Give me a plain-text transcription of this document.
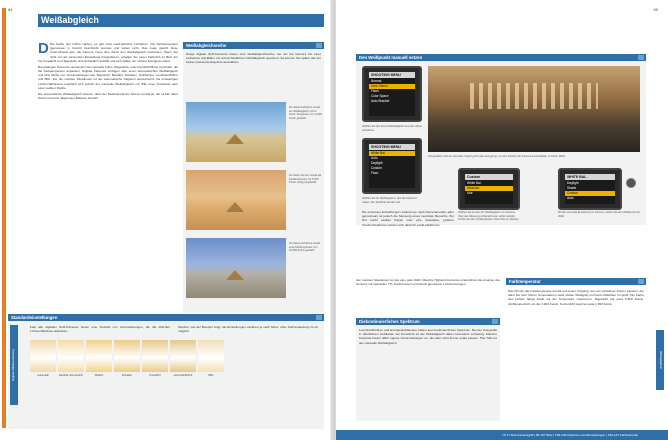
84
Weißabgleich

D Die Farbe des Lichts variiert, es gibt zwei weiß-ähnliche Lichtarten. Die Farbtemperatur (gemessen in Kelvin) beschreibt warmes und kaltes Licht. Das Auge gleicht diese Unterschiede aus, die Kamera muss dies durch den Weißabgleich nachholen. Wenn Sie nicht mit der passenden Einstellung fotografieren, erhalten Sie einen Farbstich im Bild, der bei Kunstlicht und Tageslicht unterschiedlich ausfällt und sich später nur schwer korrigieren lässt.

Bei analogen Kameras verwendet man spezielle Filme (Tageslicht- oder Kunstlichtfilme) und Filter, die die Farbtemperatur anpassen. Digitale Kameras verfügen über einen automatischen Weißabgleich und eine Reihe von Voreinstellungen wie Tageslicht, Bewölkt, Schatten, Glühlampe, Leuchtstoffröhre und Blitz. Für die meisten Situationen ist der automatische Abgleich ausreichend; bei schwierigen Lichtverhältnissen empfiehlt sich jedoch der manuelle Weißabgleich mit Hilfe einer Graukarte oder einer weißen Fläche.

Die automatische Weißabgleich erkennt, dass der Rasterpunkt der Szene neutral ist, die Lichter dient Kelvin und eine allgemeine Balance bestellt.

Weißabgleichsreihe
Einige digitale SLR-Kameras bieten eine Weißabgleichsreihe, bei der die Kamera bei einer Aufnahme drei Bilder mit unterschiedlichem Weißabgleich speichert. So können Sie später das am besten passende Ergebnis auswählen.
Für diese Aufnahme wurde ein Weißabgleich mit zu hoher Temperatur von 3.200 Kelvin gewählt.
Für diese Version wurde die Farbtemperatur mit 5.500 Kelvin richtig eingestellt.
Für diese Aufnahme wurde eine Farbtemperatur von 10.000 Kelvin gewählt.
Standardeinstellungen
Fast alle digitalen SLR-Kameras bieten eine Vielzahl von Voreinstellungen, die die üblichen Lichtverhältnisse abdecken.
Werden, wie der Beispiel zeigt, die Einstellungen variieren je nach Motiv, ohne Farbanpassung ist oft möglich.
Automatik	Direktes Sonnenlicht	Wolken	Schatten	Kunstlicht	Leuchtstoffröhre	Blitz
Digitale Bildbearbeitung
85
Den Weißpunkt manuell setzen
SHOOTING MENU
Normal
Dark Select
Flash
Color Space
Auto Bracket
Wählen Sie den Punkt Weißabgleich aus dem Menü Aufnahme.
Fotografieren Sie ein neutrales Objekt groß oder weit genug, um den Farbton der Kamera auszuwählen, in Kelvin Weiß.
SHOOTING MENU
White Bal.
Auto
Daylight
Custom
Fluor.
Wählen Sie Ihr Weißabgleich, den Sie bestimmt haben, den Farbbrief werden soll.
Custom
White Bal.
Measure
Use
Wählen Sie an den Ort Weißabgleich zur Kamera. Über das Messung erfolgreich war, sehen werden Lichter bei der Lichttemperatur oben links im Display.
WHITE BAL.
Daylight
Shade
Custom
Auto
Mit der manuelle Einstellung im Kamera, setzen Sie den Weißpunkt auf Weiß.
Die einzelnen Einstellungen variieren je nach Kameramodell, allen gemeinsam ist jedoch die Messung eines neutralen Bereichs. Zur Not reicht weißes Papier oder eine Graukarte, größere Gesamtsituationen lassen sich dadurch exakt kalibrieren.
den meisten Situationen ist das eine gute Wahl. Manche Highend-Kameras unterstützen die Analyse des Sensors mit speziellen TTL-Farbmessern und damit genaueste Lichtmessungen.
Diskontinuierliches Spektrum
Leuchtstoffröhren und Energiesparlampen haben kein kontinuierliches Spektrum. Bei der Fotografie in öffentlichen Gebäuden bei Kunstlicht ist der Weißabgleich daher besonders schwierig. Manche Kameras bieten dafür eigene Voreinstellungen an, die aber nicht immer exakt passen. Hier hilft nur der manuelle Weißabgleich.
Farbtemperatur
Das Prinzip der Farbtemperatur beruht auf einem Vorgang, den ein schwarzer Körper passiert, der dann bei sehr hohen Temperaturen weiß (daher Weißglut) und beim Abkühlen rot glüht. Die Farbe des Lichtes hängt direkt mit der Temperatur zusammen. Tageslicht hat etwa 5.500 Kelvin, Glühlampenlicht um die 3.200 Kelvin. Kerzenlicht liegt bei etwa 1.500 Kelvin.
Weißabgleich
70-71 Das Kameragriff | 86-107 Bitte | 108-149 Optionen und Einstellungen | 150-187 Farbkontrolle
